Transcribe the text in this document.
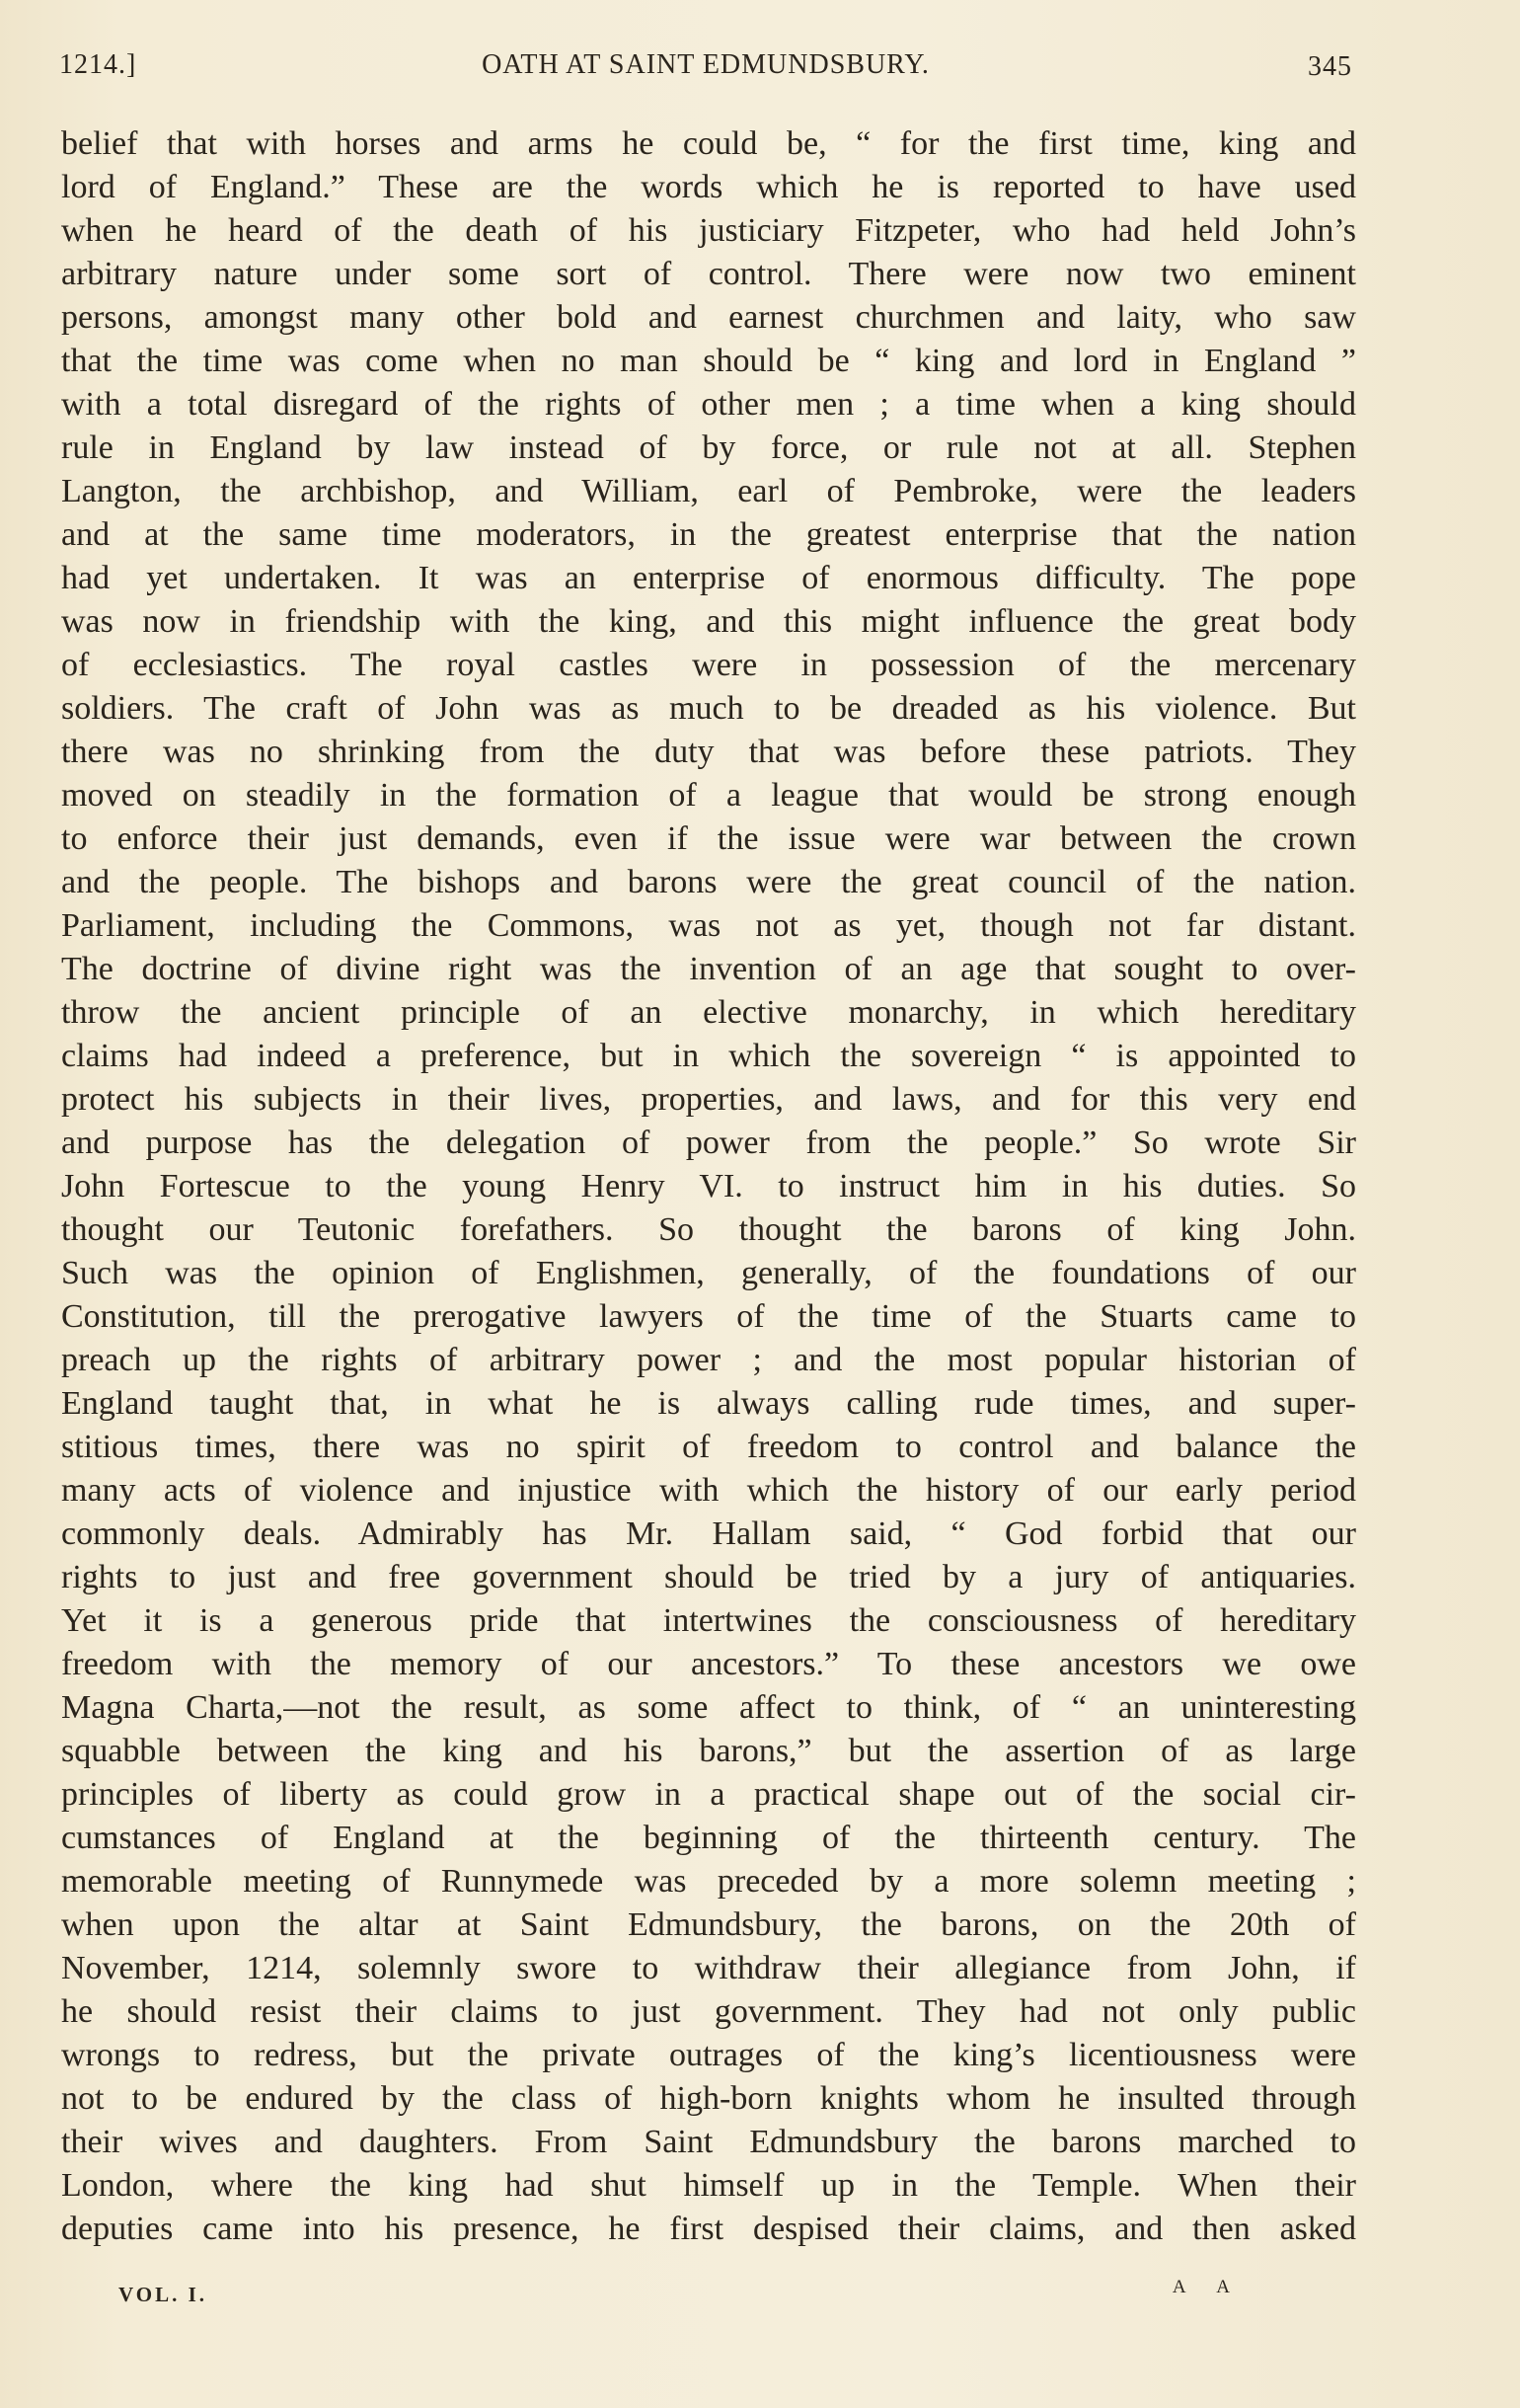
1214.]	OATH AT SAINT EDMUNDSBURY.	345
belief that with horses and arms he could be, “ for the first time, king and
lord of England.” These are the words which he is reported to have used
when he heard of the death of his justiciary Fitzpeter, who had held John’s
arbitrary nature under some sort of control. There were now two eminent
persons, amongst many other bold and earnest churchmen and laity, who saw
that the time was come when no man should be “ king and lord in England ”
with a total disregard of the rights of other men ; a time when a king should
rule in England by law instead of by force, or rule not at all. Stephen
Langton, the archbishop, and William, earl of Pembroke, were the leaders
and at the same time moderators, in the greatest enterprise that the nation
had yet undertaken. It was an enterprise of enormous difficulty. The pope
was now in friendship with the king, and this might influence the great body
of ecclesiastics. The royal castles were in possession of the mercenary
soldiers. The craft of John was as much to be dreaded as his violence. But
there was no shrinking from the duty that was before these patriots. They
moved on steadily in the formation of a league that would be strong enough
to enforce their just demands, even if the issue were war between the crown
and the people. The bishops and barons were the great council of the nation.
Parliament, including the Commons, was not as yet, though not far distant.
The doctrine of divine right was the invention of an age that sought to over-
throw the ancient principle of an elective monarchy, in which hereditary
claims had indeed a preference, but in which the sovereign “ is appointed to
protect his subjects in their lives, properties, and laws, and for this very end
and purpose has the delegation of power from the people.” So wrote Sir
John Fortescue to the young Henry VI. to instruct him in his duties. So
thought our Teutonic forefathers. So thought the barons of king John.
Such was the opinion of Englishmen, generally, of the foundations of our
Constitution, till the prerogative lawyers of the time of the Stuarts came to
preach up the rights of arbitrary power ; and the most popular historian of
England taught that, in what he is always calling rude times, and super-
stitious times, there was no spirit of freedom to control and balance the
many acts of violence and injustice with which the history of our early period
commonly deals. Admirably has Mr. Hallam said, “ God forbid that our
rights to just and free government should be tried by a jury of antiquaries.
Yet it is a generous pride that intertwines the consciousness of hereditary
freedom with the memory of our ancestors.” To these ancestors we owe
Magna Charta,—not the result, as some affect to think, of “ an uninteresting
squabble between the king and his barons,” but the assertion of as large
principles of liberty as could grow in a practical shape out of the social cir-
cumstances of England at the beginning of the thirteenth century. The
memorable meeting of Runnymede was preceded by a more solemn meeting ;
when upon the altar at Saint Edmundsbury, the barons, on the 20th of
November, 1214, solemnly swore to withdraw their allegiance from John, if
he should resist their claims to just government. They had not only public
wrongs to redress, but the private outrages of the king’s licentiousness were
not to be endured by the class of high-born knights whom he insulted through
their wives and daughters. From Saint Edmundsbury the barons marched to
London, where the king had shut himself up in the Temple. When their
deputies came into his presence, he first despised their claims, and then asked
VOL. I.	A A
